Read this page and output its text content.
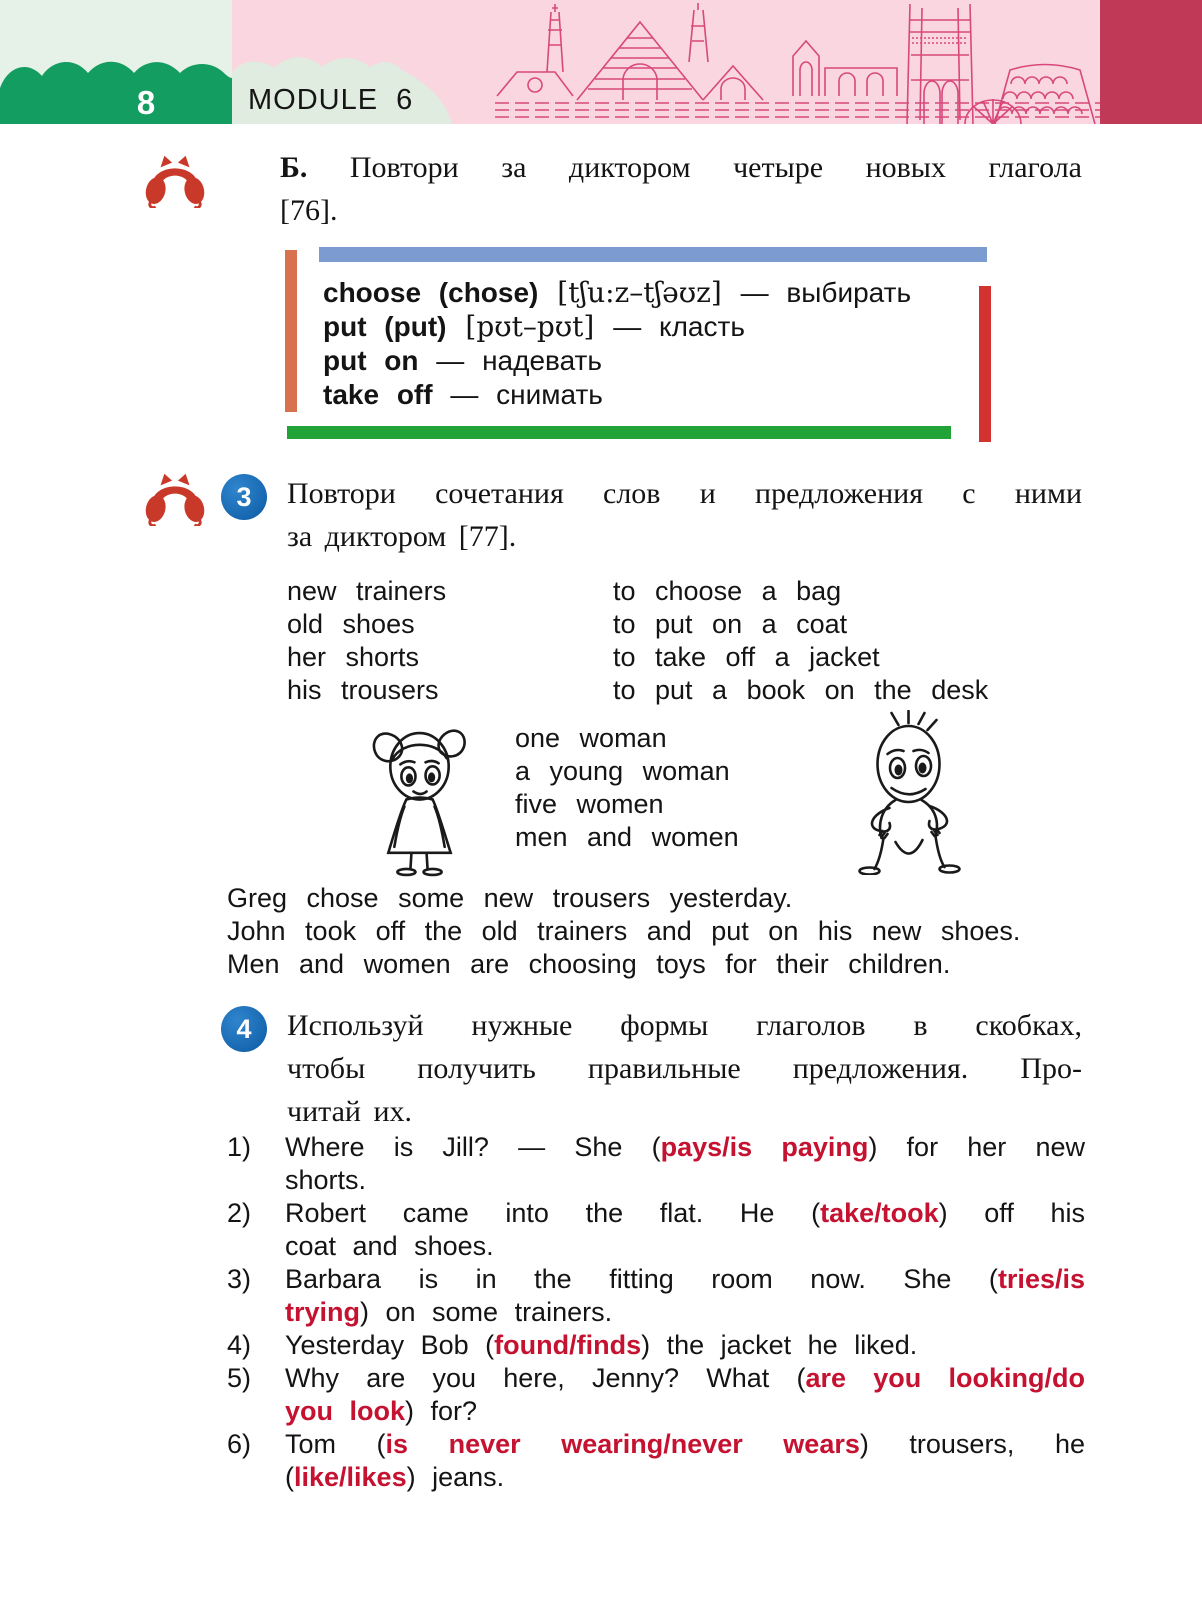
8	MODULE  6
Б. Повтори за диктором четыре новых глагола
[76].
choose (chose) [tʃu:z–tʃəʊz] — выбирать
put (put) [pʊt–pʊt] — класть
put on — надевать
take off — снимать
3	Повтори сочетания слов и предложения с ними
за диктором [77].
new trainers
old shoes
her shorts
his trousers
to choose a bag
to put on a coat
to take off a jacket
to put a book on the desk
one woman
a young woman
five women
men and women
Greg chose some new trousers yesterday.
John took off the old trainers and put on his new shoes.
Men and women are choosing toys for their children.
4	Используй нужные формы глаголов в скобках,
чтобы получить правильные предложения. Про-
читай их.
1)	Where is Jill? — She (pays/is paying) for her new
shorts.
2)	Robert came into the flat. He (take/took) off his
coat and shoes.
3)	Barbara is in the fitting room now. She (tries/is
trying) on some trainers.
4)	Yesterday Bob (found/finds) the jacket he liked.
5)	Why are you here, Jenny? What (are you looking/do
you look) for?
6)	Tom (is never wearing/never wears) trousers, he
(like/likes) jeans.
